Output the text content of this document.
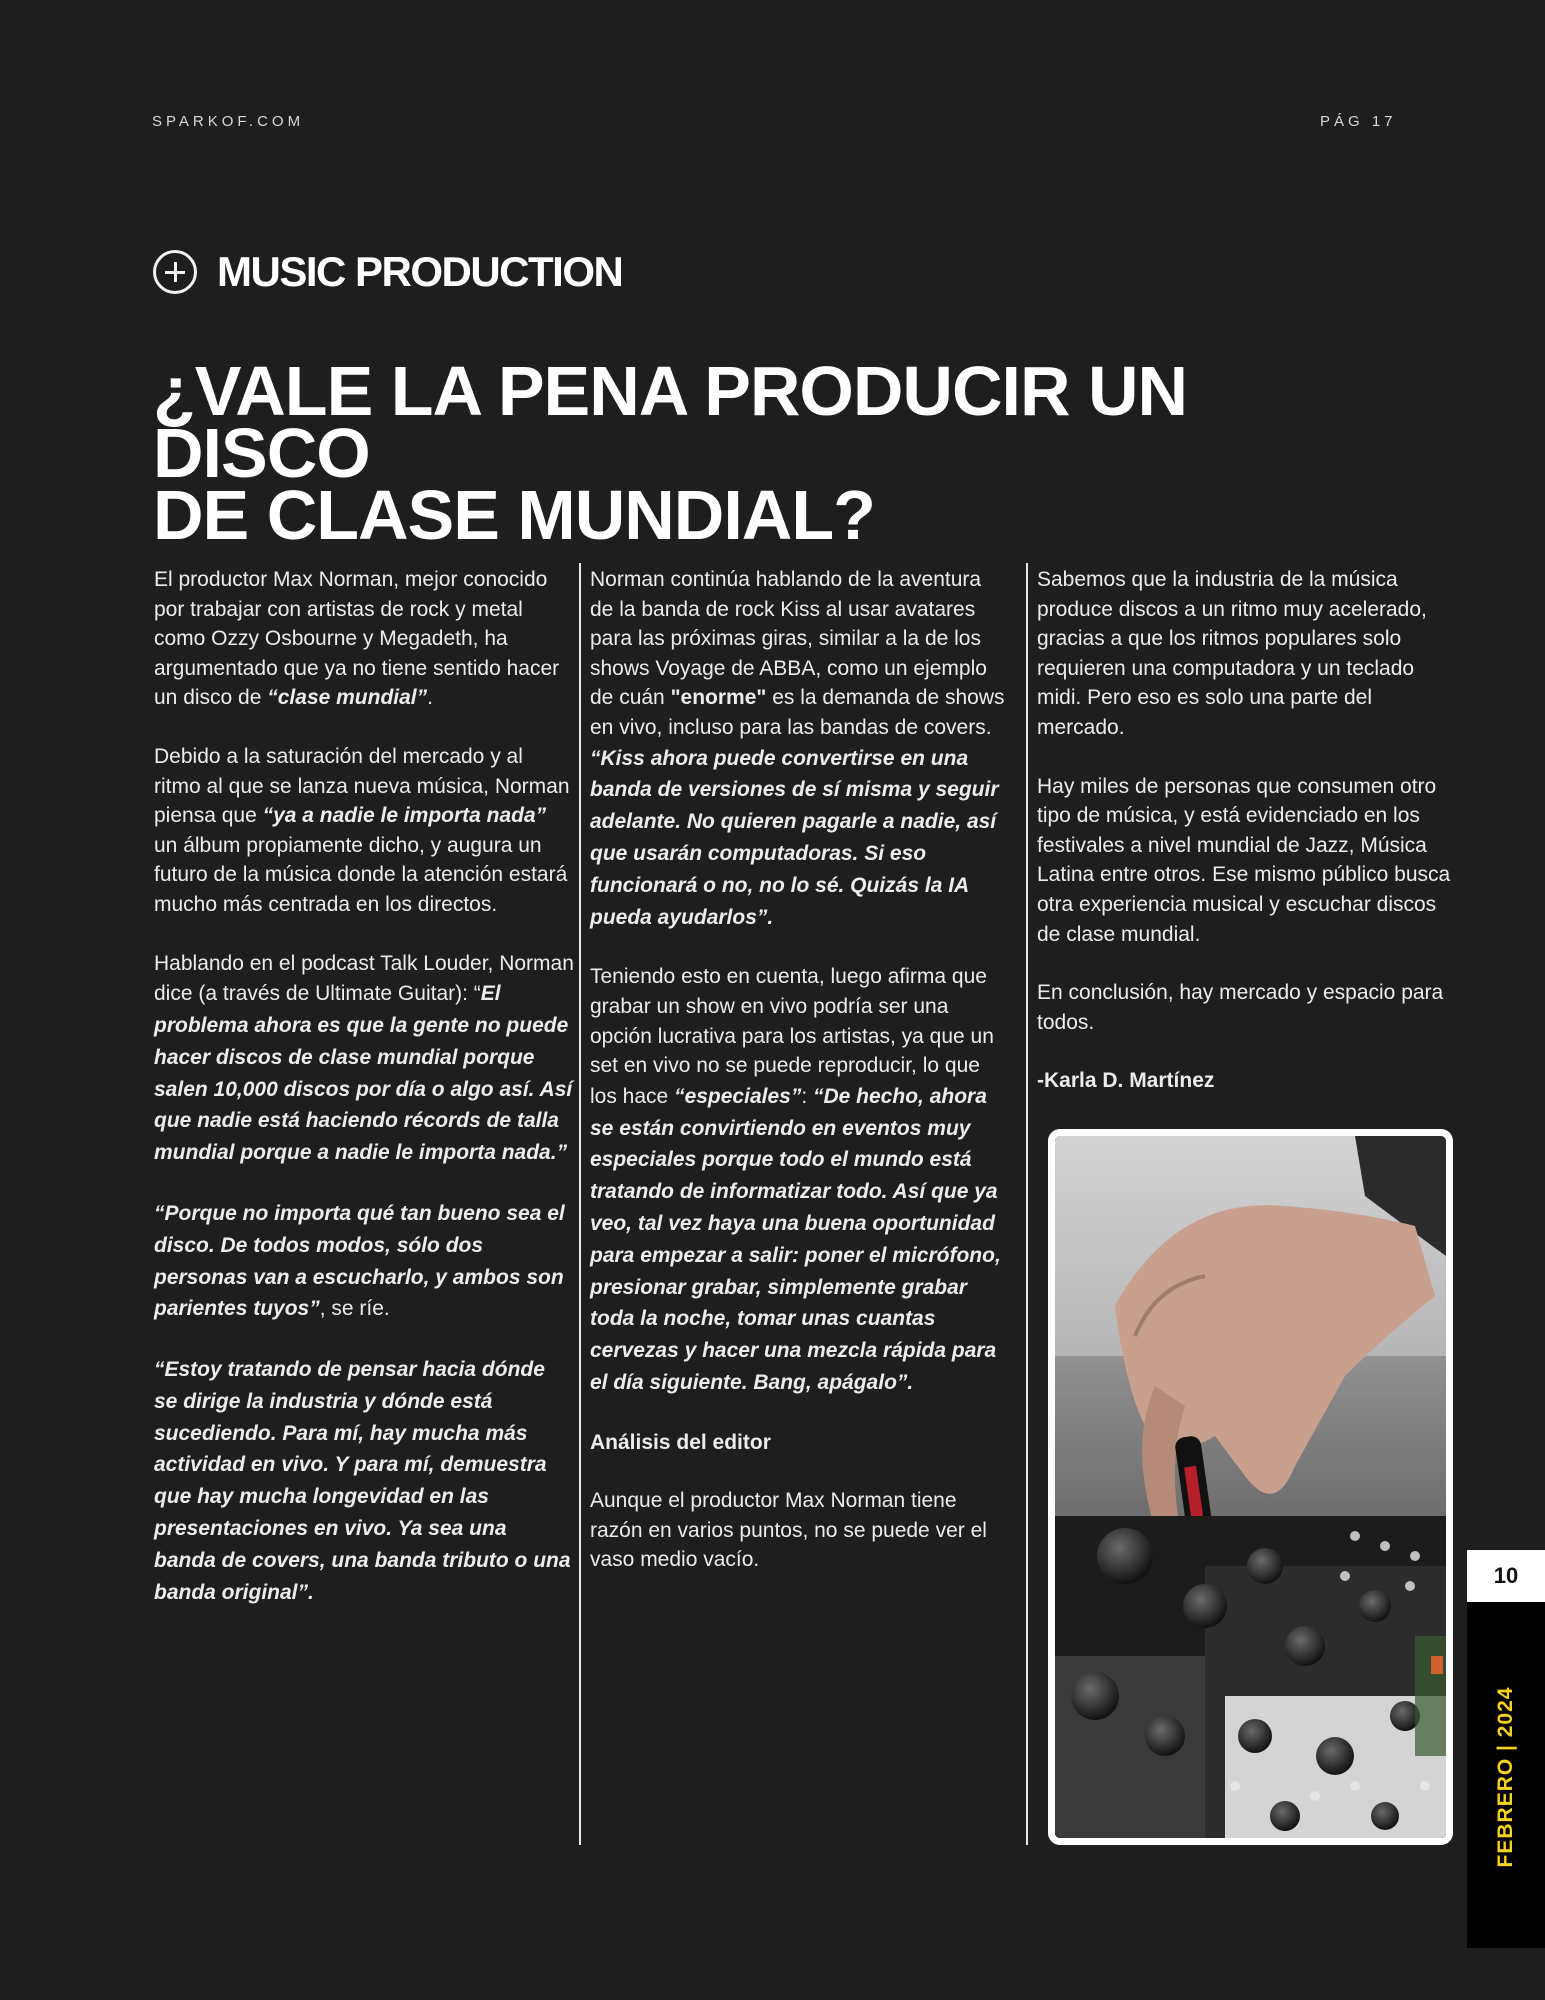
SPARKOF.COM	PÁG 17
MUSIC PRODUCTION
¿VALE LA PENA PRODUCIR UN DISCO
DE CLASE MUNDIAL?

El productor Max Norman, mejor conocido por trabajar con artistas de rock y metal como Ozzy Osbourne y Megadeth, ha argumentado que ya no tiene sentido hacer un disco de “clase mundial”.

Debido a la saturación del mercado y al ritmo al que se lanza nueva música, Norman piensa que “ya a nadie le importa nada” un álbum propiamente dicho, y augura un futuro de la música donde la atención estará mucho más centrada en los directos.

Hablando en el podcast Talk Louder, Norman dice (a través de Ultimate Guitar): “El problema ahora es que la gente no puede hacer discos de clase mundial porque salen 10,000 discos por día o algo así. Así que nadie está haciendo récords de talla mundial porque a nadie le importa nada.”

“Porque no importa qué tan bueno sea el disco. De todos modos, sólo dos personas van a escucharlo, y ambos son parientes tuyos”, se ríe.

“Estoy tratando de pensar hacia dónde se dirige la industria y dónde está sucediendo. Para mí, hay mucha más actividad en vivo. Y para mí, demuestra que hay mucha longevidad en las presentaciones en vivo. Ya sea una banda de covers, una banda tributo o una banda original”.

Norman continúa hablando de la aventura de la banda de rock Kiss al usar avatares para las próximas giras, similar a la de los shows Voyage de ABBA, como un ejemplo de cuán "enorme" es la demanda de shows en vivo, incluso para las bandas de covers. “Kiss ahora puede convertirse en una banda de versiones de sí misma y seguir adelante. No quieren pagarle a nadie, así que usarán computadoras. Si eso funcionará o no, no lo sé. Quizás la IA pueda ayudarlos”.

Teniendo esto en cuenta, luego afirma que grabar un show en vivo podría ser una opción lucrativa para los artistas, ya que un set en vivo no se puede reproducir, lo que los hace “especiales”: “De hecho, ahora se están convirtiendo en eventos muy especiales porque todo el mundo está tratando de informatizar todo. Así que ya veo, tal vez haya una buena oportunidad para empezar a salir: poner el micrófono, presionar grabar, simplemente grabar toda la noche, tomar unas cuantas cervezas y hacer una mezcla rápida para el día siguiente. Bang, apágalo”.

Análisis del editor

Aunque el productor Max Norman tiene razón en varios puntos, no se puede ver el vaso medio vacío.

Sabemos que la industria de la música produce discos a un ritmo muy acelerado, gracias a que los ritmos populares solo requieren una computadora y un teclado midi. Pero eso es solo una parte del mercado.

Hay miles de personas que consumen otro tipo de música, y está evidenciado en los festivales a nivel mundial de Jazz, Música Latina entre otros. Ese mismo público busca otra experiencia musical y escuchar discos de clase mundial.

En conclusión, hay mercado y espacio para todos.

-Karla D. Martínez

10
FEBRERO | 2024
